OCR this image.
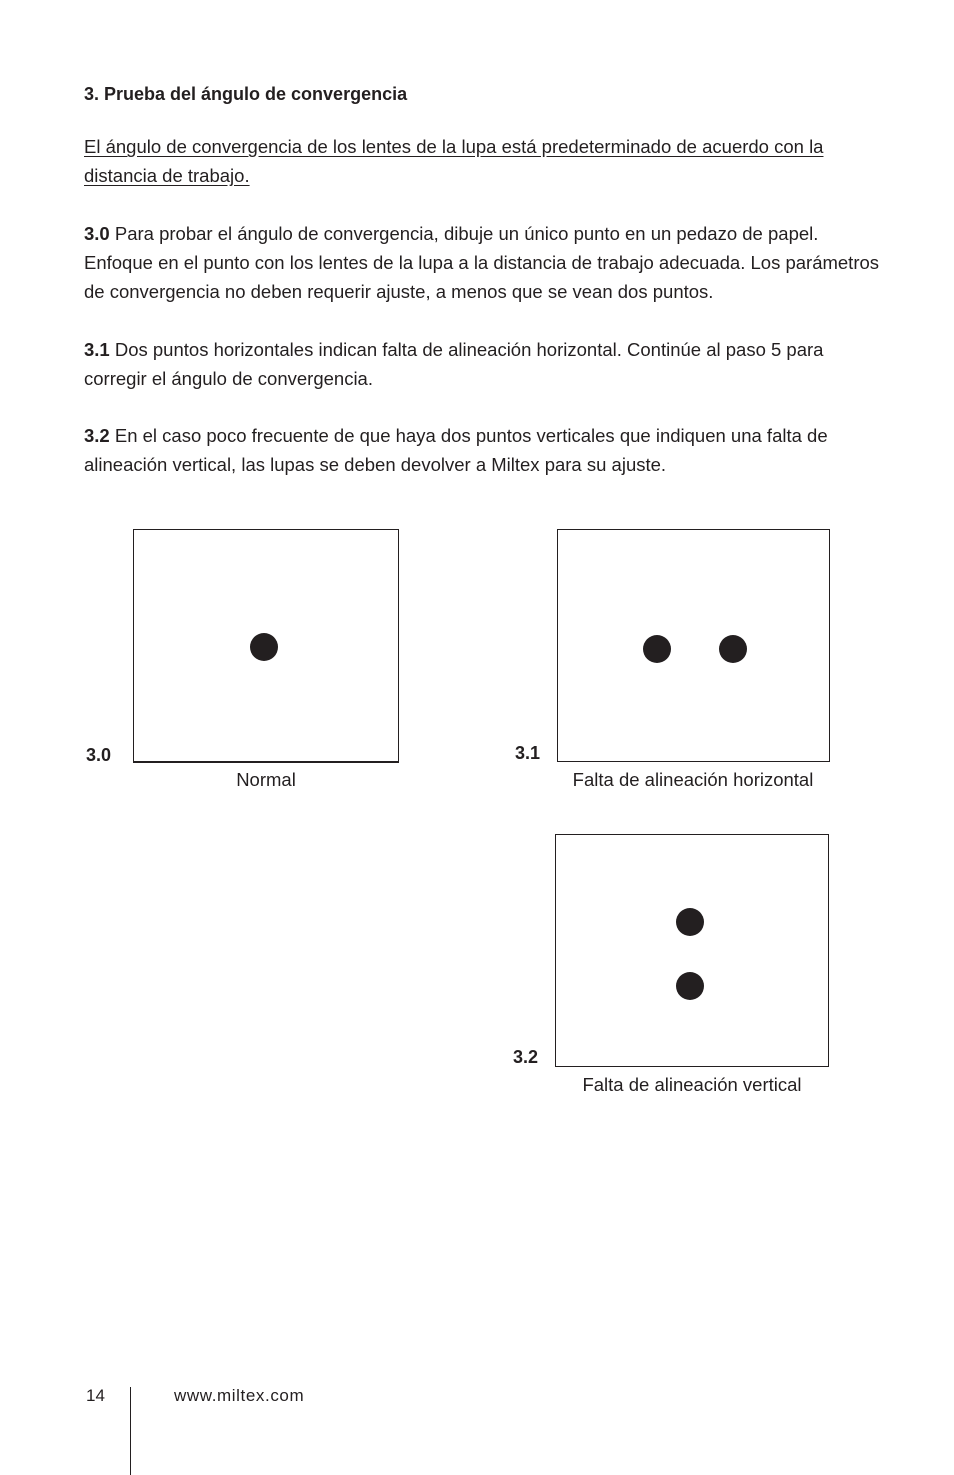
3. Prueba del ángulo de convergencia
El ángulo de convergencia de los lentes de la lupa está predeterminado de acuerdo con la distancia de trabajo.
3.0 Para probar el ángulo de convergencia, dibuje un único punto en un pedazo de papel. Enfoque en el punto con los lentes de la lupa a la distancia de trabajo adecuada. Los parámetros de convergencia no deben requerir ajuste, a menos que se vean dos puntos.
3.1 Dos puntos horizontales indican falta de alineación horizontal. Continúe al paso 5 para corregir el ángulo de convergencia.
3.2 En el caso poco frecuente de que haya dos puntos verticales que indiquen una falta de alineación vertical, las lupas se deben devolver a Miltex para su ajuste.
3.0
Normal
3.1
Falta de alineación horizontal
3.2
Falta de alineación vertical
14	www.miltex.com
